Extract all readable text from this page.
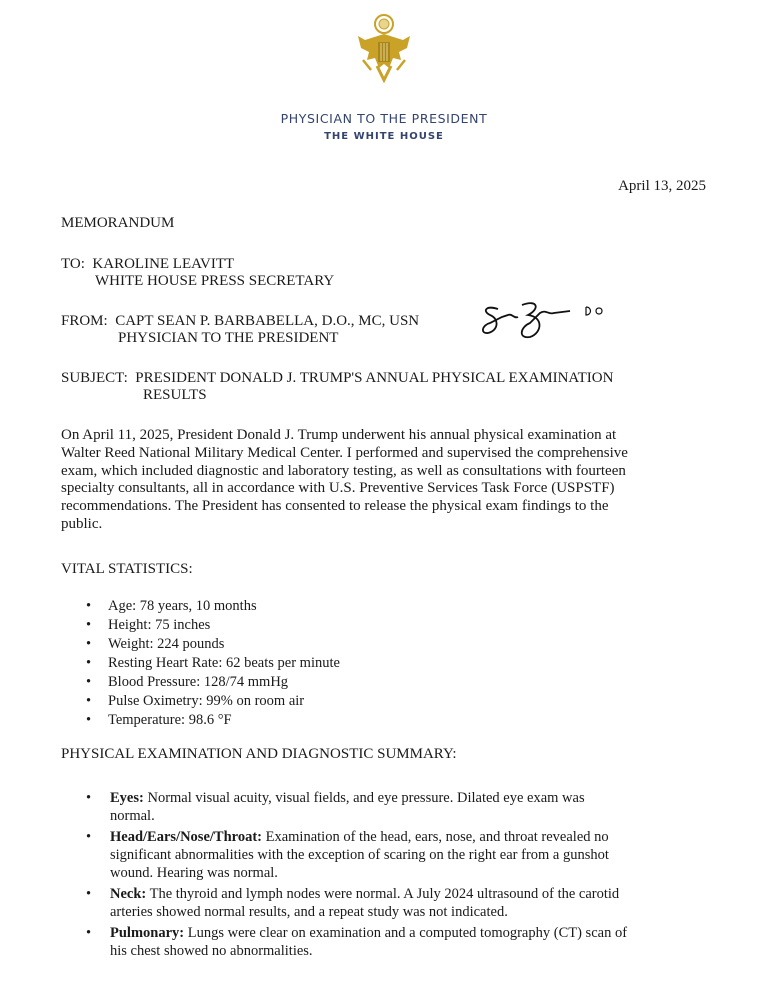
PHYSICIAN TO THE PRESIDENT
THE WHITE HOUSE
April 13, 2025
MEMORANDUM
TO: KAROLINE LEAVITT
WHITE HOUSE PRESS SECRETARY
FROM: CAPT SEAN P. BARBABELLA, D.O., MC, USN
PHYSICIAN TO THE PRESIDENT
SUBJECT: PRESIDENT DONALD J. TRUMP'S ANNUAL PHYSICAL EXAMINATION
RESULTS
On April 11, 2025, President Donald J. Trump underwent his annual physical examination at
Walter Reed National Military Medical Center. I performed and supervised the comprehensive
exam, which included diagnostic and laboratory testing, as well as consultations with fourteen
specialty consultants, all in accordance with U.S. Preventive Services Task Force (USPSTF)
recommendations. The President has consented to release the physical exam findings to the
public.
VITAL STATISTICS:
• Age: 78 years, 10 months
• Height: 75 inches
• Weight: 224 pounds
• Resting Heart Rate: 62 beats per minute
• Blood Pressure: 128/74 mmHg
• Pulse Oximetry: 99% on room air
• Temperature: 98.6 °F
PHYSICAL EXAMINATION AND DIAGNOSTIC SUMMARY:
• Eyes: Normal visual acuity, visual fields, and eye pressure. Dilated eye exam was
normal.
• Head/Ears/Nose/Throat: Examination of the head, ears, nose, and throat revealed no
significant abnormalities with the exception of scaring on the right ear from a gunshot
wound. Hearing was normal.
• Neck: The thyroid and lymph nodes were normal. A July 2024 ultrasound of the carotid
arteries showed normal results, and a repeat study was not indicated.
• Pulmonary: Lungs were clear on examination and a computed tomography (CT) scan of
his chest showed no abnormalities.
